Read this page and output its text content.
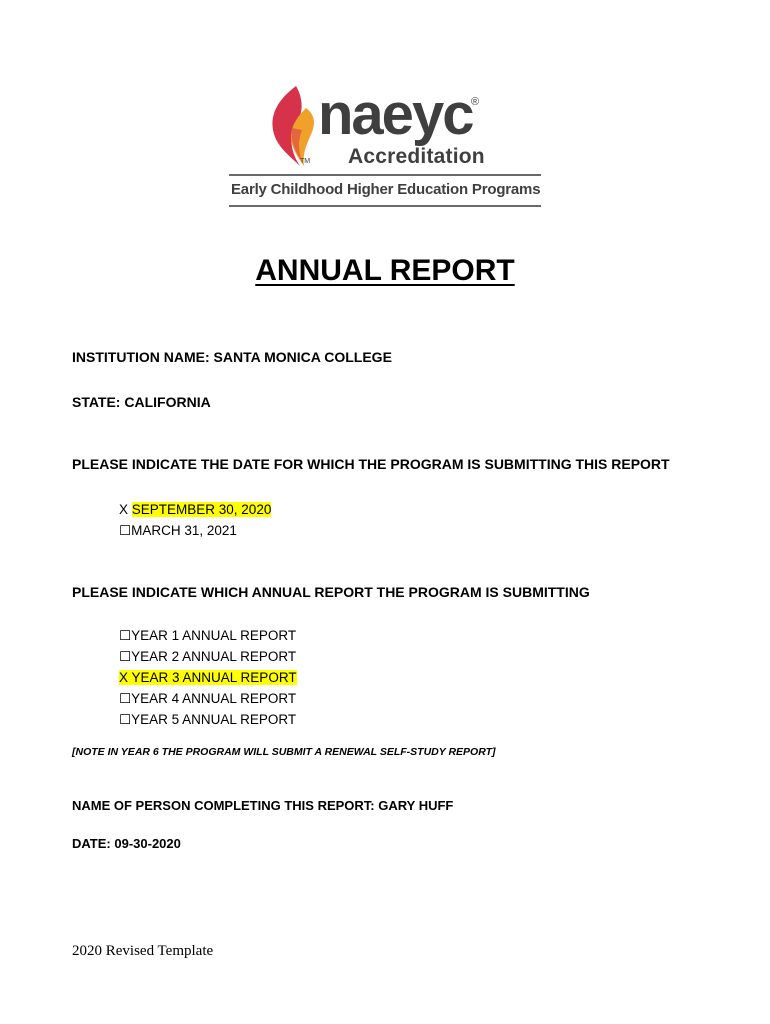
naeyc
®
TM Accreditation
Early Childhood Higher Education Programs
ANNUAL REPORT
INSTITUTION NAME: SANTA MONICA COLLEGE
STATE: CALIFORNIA
PLEASE INDICATE THE DATE FOR WHICH THE PROGRAM IS SUBMITTING THIS REPORT
X SEPTEMBER 30, 2020
☐MARCH 31, 2021
PLEASE INDICATE WHICH ANNUAL REPORT THE PROGRAM IS SUBMITTING
☐YEAR 1 ANNUAL REPORT
☐YEAR 2 ANNUAL REPORT
X YEAR 3 ANNUAL REPORT
☐YEAR 4 ANNUAL REPORT
☐YEAR 5 ANNUAL REPORT
[NOTE IN YEAR 6 THE PROGRAM WILL SUBMIT A RENEWAL SELF-STUDY REPORT]
NAME OF PERSON COMPLETING THIS REPORT: GARY HUFF
DATE: 09-30-2020
2020 Revised Template
